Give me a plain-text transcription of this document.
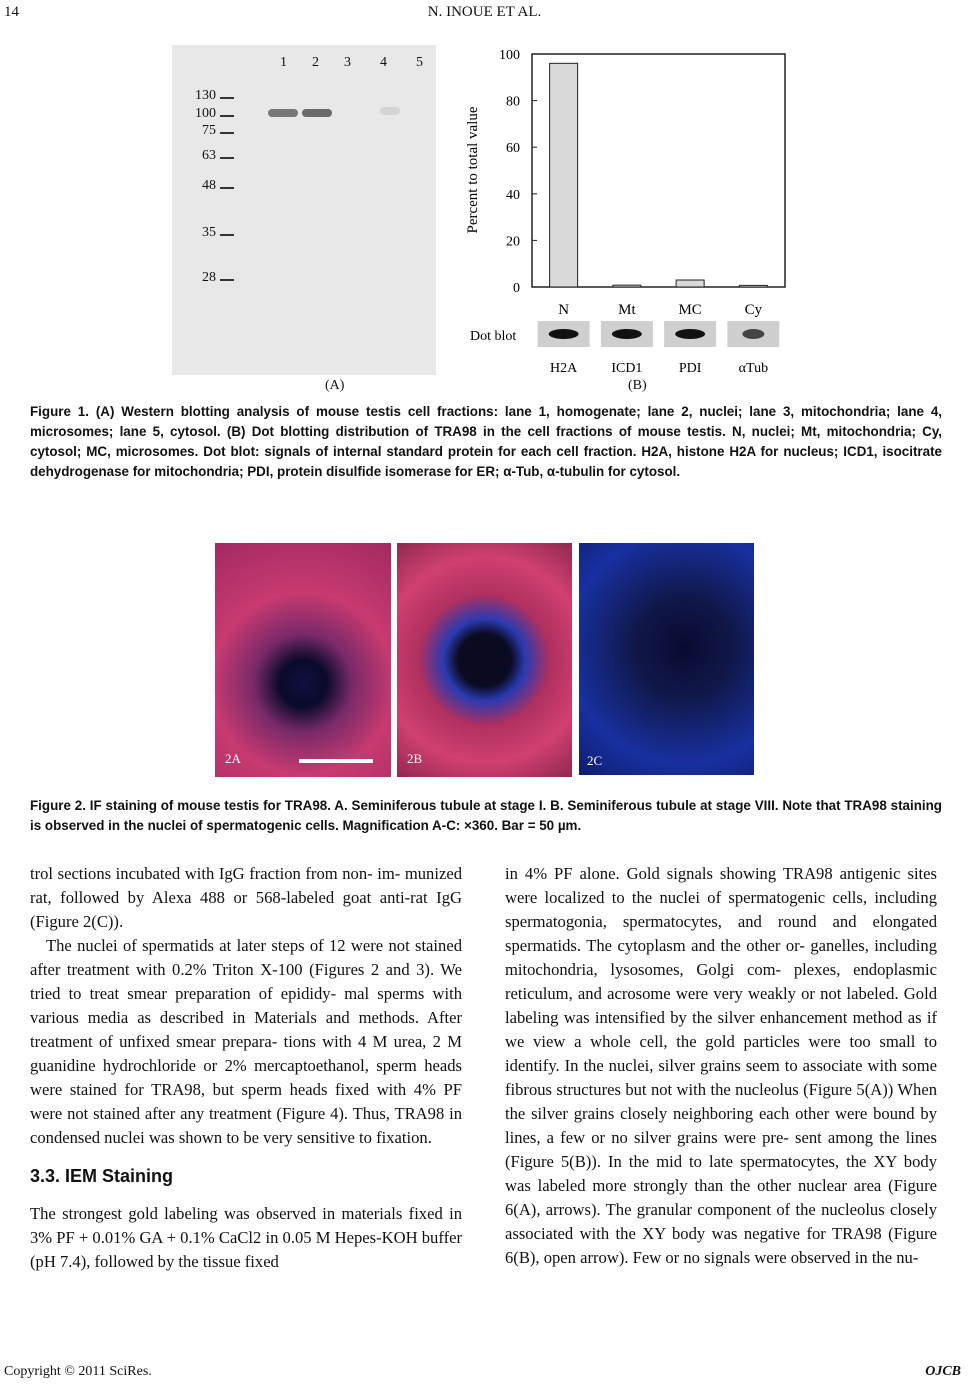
14	N. INOUE ET AL.
1 2 3 4 5
130
100
75
63
48
35
28
(A)
Percent to total value
0
20
40
60
80
100
N	Mt	MC	Cy
Dot blot
H2A ICD1	PDI	αTub
(B)
Figure 1. (A) Western blotting analysis of mouse testis cell fractions: lane 1, homogenate; lane 2, nuclei; lane 3, mitochondria; lane 4, microsomes; lane 5, cytosol. (B) Dot blotting distribution of TRA98 in the cell fractions of mouse testis. N, nuclei; Mt, mitochondria; Cy, cytosol; MC, microsomes. Dot blot: signals of internal standard protein for each cell fraction. H2A, histone H2A for nucleus; ICD1, isocitrate dehydrogenase for mitochondria; PDI, protein disulfide isomerase for ER; α-Tub, α-tubulin for cytosol.
2A	2B	2C
Figure 2. IF staining of mouse testis for TRA98. A. Seminiferous tubule at stage I. B. Seminiferous tubule at stage VIII. Note that TRA98 staining is observed in the nuclei of spermatogenic cells. Magnification A-C: ×360. Bar = 50 µm.

trol sections incubated with IgG fraction from non- im- munized rat, followed by Alexa 488 or 568-labeled goat anti-rat IgG (Figure 2(C)).

The nuclei of spermatids at later steps of 12 were not stained after treatment with 0.2% Triton X-100 (Figures 2 and 3). We tried to treat smear preparation of epididy- mal sperms with various media as described in Materials and methods. After treatment of unfixed smear prepara- tions with 4 M urea, 2 M guanidine hydrochloride or 2% mercaptoethanol, sperm heads were stained for TRA98, but sperm heads fixed with 4% PF were not stained after any treatment (Figure 4). Thus, TRA98 in condensed nuclei was shown to be very sensitive to fixation.

3.3. IEM Staining

The strongest gold labeling was observed in materials fixed in 3% PF + 0.01% GA + 0.1% CaCl2 in 0.05 M Hepes-KOH buffer (pH 7.4), followed by the tissue fixed

in 4% PF alone. Gold signals showing TRA98 antigenic sites were localized to the nuclei of spermatogenic cells, including spermatogonia, spermatocytes, and round and elongated spermatids. The cytoplasm and the other or- ganelles, including mitochondria, lysosomes, Golgi com- plexes, endoplasmic reticulum, and acrosome were very weakly or not labeled. Gold labeling was intensified by the silver enhancement method as if we view a whole cell, the gold particles were too small to identify. In the nuclei, silver grains seem to associate with some fibrous structures but not with the nucleolus (Figure 5(A)) When the silver grains closely neighboring each other were bound by lines, a few or no silver grains were pre- sent among the lines (Figure 5(B)). In the mid to late spermatocytes, the XY body was labeled more strongly than the other nuclear area (Figure 6(A), arrows). The granular component of the nucleolus closely associated with the XY body was negative for TRA98 (Figure 6(B), open arrow). Few or no signals were observed in the nu-

Copyright © 2011 SciRes.	OJCB
